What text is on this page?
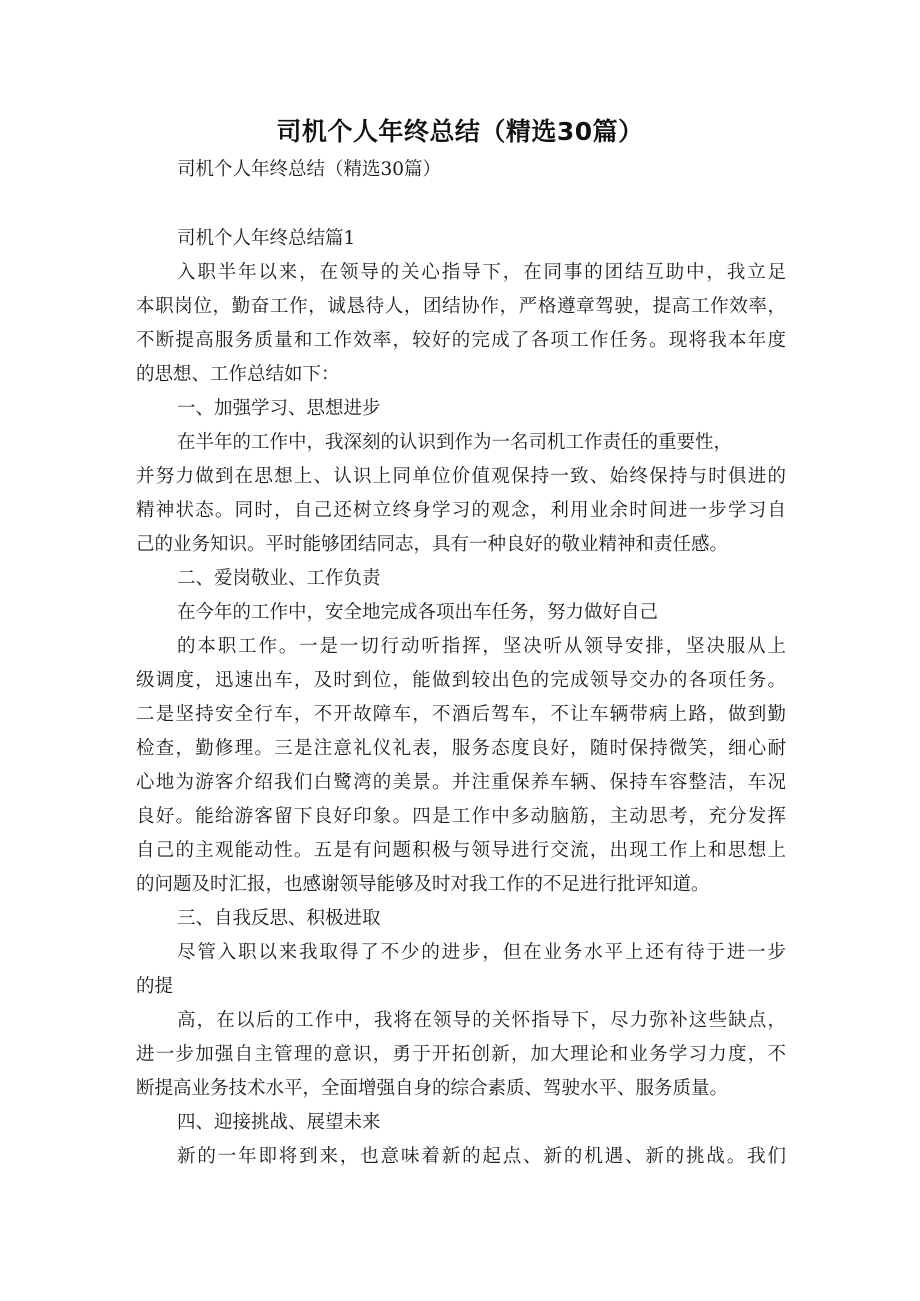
司机个人年终总结（精选30篇）
司机个人年终总结（精选30篇）
司机个人年终总结篇1
入职半年以来，在领导的关心指导下，在同事的团结互助中，我立足
本职岗位，勤奋工作，诚恳待人，团结协作，严格遵章驾驶，提高工作效率，
不断提高服务质量和工作效率，较好的完成了各项工作任务。现将我本年度
的思想、工作总结如下：
一、加强学习、思想进步
在半年的工作中，我深刻的认识到作为一名司机工作责任的重要性，
并努力做到在思想上、认识上同单位价值观保持一致、始终保持与时俱进的
精神状态。同时，自己还树立终身学习的观念，利用业余时间进一步学习自
己的业务知识。平时能够团结同志，具有一种良好的敬业精神和责任感。
二、爱岗敬业、工作负责
在今年的工作中，安全地完成各项出车任务，努力做好自己
的本职工作。一是一切行动听指挥，坚决听从领导安排，坚决服从上
级调度，迅速出车，及时到位，能做到较出色的完成领导交办的各项任务。
二是坚持安全行车，不开故障车，不酒后驾车，不让车辆带病上路，做到勤
检查，勤修理。三是注意礼仪礼表，服务态度良好，随时保持微笑，细心耐
心地为游客介绍我们白鹭湾的美景。并注重保养车辆、保持车容整洁，车况
良好。能给游客留下良好印象。四是工作中多动脑筋，主动思考，充分发挥
自己的主观能动性。五是有问题积极与领导进行交流，出现工作上和思想上
的问题及时汇报，也感谢领导能够及时对我工作的不足进行批评知道。
三、自我反思、积极进取
尽管入职以来我取得了不少的进步，但在业务水平上还有待于进一步
的提
高，在以后的工作中，我将在领导的关怀指导下，尽力弥补这些缺点，
进一步加强自主管理的意识，勇于开拓创新，加大理论和业务学习力度，不
断提高业务技术水平，全面增强自身的综合素质、驾驶水平、服务质量。
四、迎接挑战、展望未来
新的一年即将到来，也意味着新的起点、新的机遇、新的挑战。我们
